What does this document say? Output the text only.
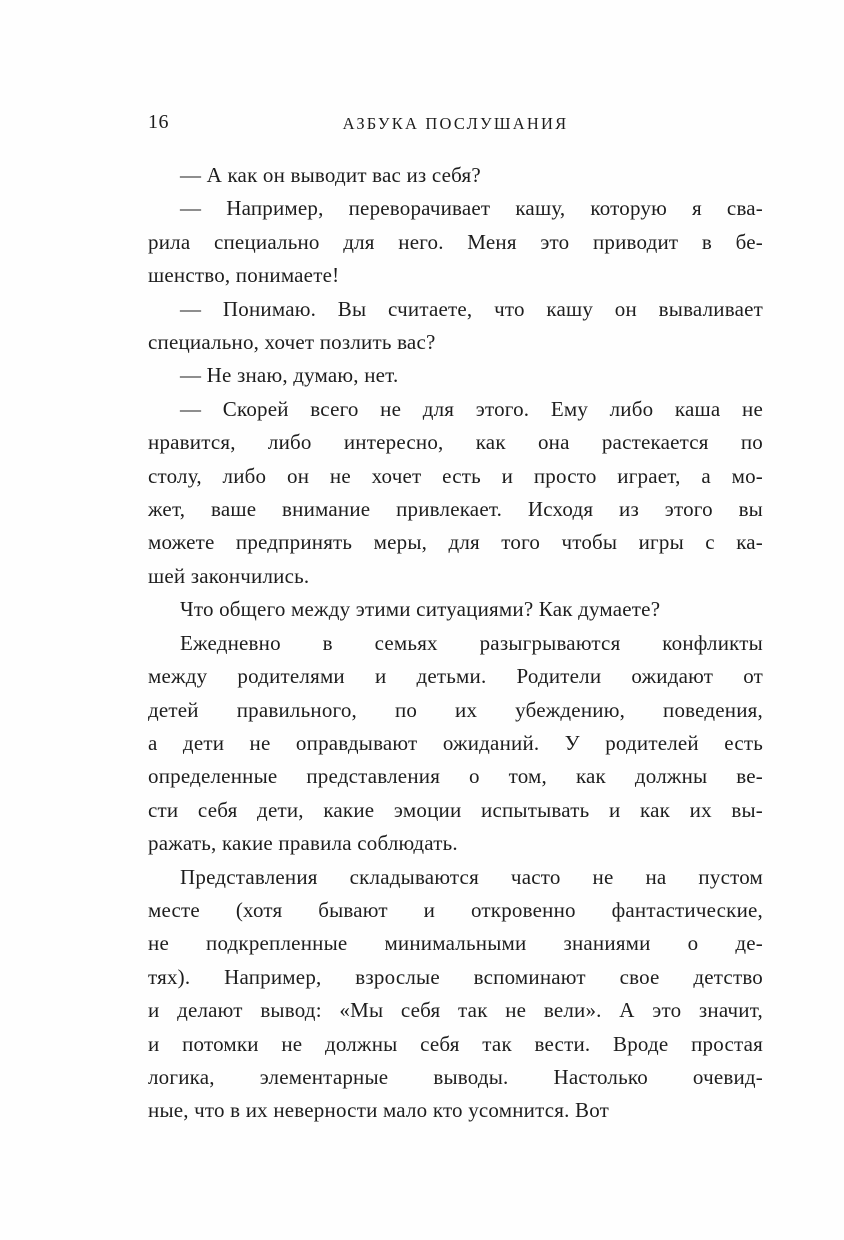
16	АЗБУКА ПОСЛУШАНИЯ

— А как он выводит вас из себя?

— Например, переворачивает кашу, которую я сва-
рила специально для него. Меня это приводит в бе-
шенство, понимаете!

— Понимаю. Вы считаете, что кашу он вываливает
специально, хочет позлить вас?

— Не знаю, думаю, нет.

— Скорей всего не для этого. Ему либо каша не
нравится, либо интересно, как она растекается по
столу, либо он не хочет есть и просто играет, а мо-
жет, ваше внимание привлекает. Исходя из этого вы
можете предпринять меры, для того чтобы игры с ка-
шей закончились.

Что общего между этими ситуациями? Как думаете?

Ежедневно в семьях разыгрываются конфликты
между родителями и детьми. Родители ожидают от
детей правильного, по их убеждению, поведения,
а дети не оправдывают ожиданий. У родителей есть
определенные представления о том, как должны ве-
сти себя дети, какие эмоции испытывать и как их вы-
ражать, какие правила соблюдать.

Представления складываются часто не на пустом
месте (хотя бывают и откровенно фантастические,
не подкрепленные минимальными знаниями о де-
тях). Например, взрослые вспоминают свое детство
и делают вывод: «Мы себя так не вели». А это значит,
и потомки не должны себя так вести. Вроде простая
логика, элементарные выводы. Настолько очевид-
ные, что в их неверности мало кто усомнится. Вот
